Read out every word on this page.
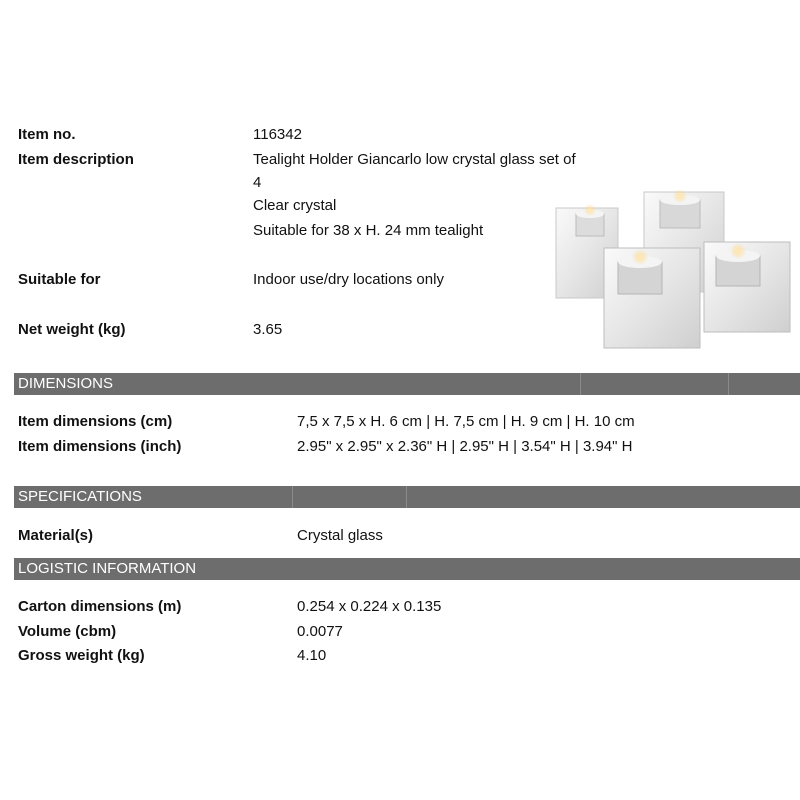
Item no.	116342
Item description	Tealight Holder Giancarlo low crystal glass set of
4
Clear crystal
Suitable for 38 x H. 24 mm tealight
Suitable for	Indoor use/dry locations only
Net weight (kg)	3.65
DIMENSIONS
Item dimensions (cm)	7,5 x 7,5 x H. 6 cm | H. 7,5 cm | H. 9 cm | H. 10 cm
Item dimensions (inch)	2.95" x 2.95" x 2.36" H | 2.95" H | 3.54" H | 3.94" H
SPECIFICATIONS
Material(s)	Crystal glass
LOGISTIC INFORMATION
Carton dimensions (m)	0.254 x 0.224 x 0.135
Volume (cbm)	0.0077
Gross weight (kg)	4.10
